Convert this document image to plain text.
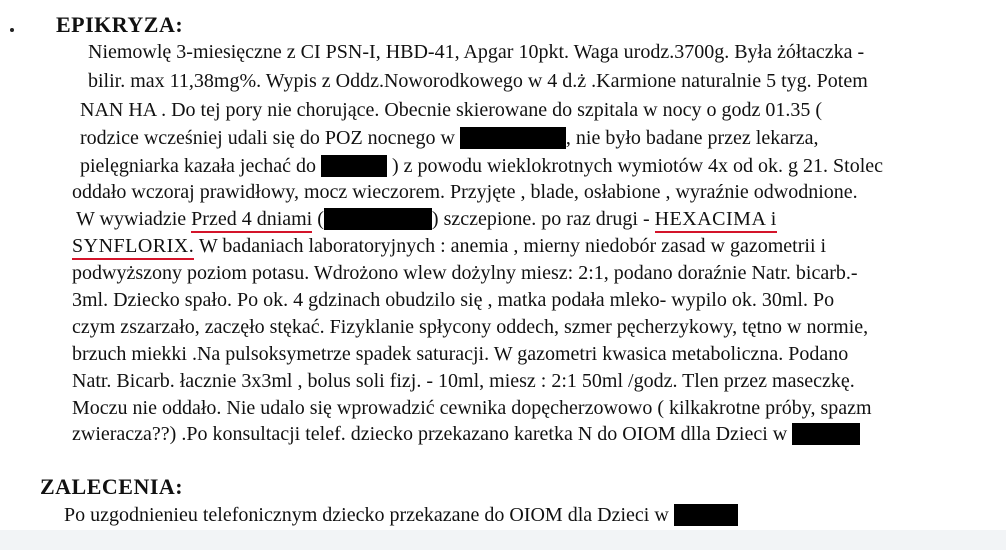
EPIKRYZA:
Niemowlę 3-miesięczne z CI PSN-I, HBD-41, Apgar 10pkt. Waga urodz.3700g. Była żółtaczka -
bilir. max 11,38mg%. Wypis z Oddz.Noworodkowego w 4 d.ż .Karmione naturalnie 5 tyg. Potem
NAN HA . Do tej pory nie chorujące. Obecnie skierowane do szpitala w nocy o godz 01.35 (
rodzice wcześniej udali się do POZ nocnego w	, nie było badane przez lekarza,
pielęgniarka kazała jechać do	) z powodu wieklokrotnych wymiotów 4x od ok. g 21. Stolec
oddało wczoraj prawidłowy, mocz wieczorem. Przyjęte , blade, osłabione , wyraźnie odwodnione.
W wywiadzie Przed 4 dniami (	) szczepione. po raz drugi - HEXACIMA i
SYNFLORIX. W badaniach laboratoryjnych : anemia , mierny niedobór zasad w gazometrii i
podwyższony poziom potasu. Wdrożono wlew dożylny miesz: 2:1, podano doraźnie Natr. bicarb.-
3ml. Dziecko spało. Po ok. 4 gdzinach obudzilo się , matka podała mleko- wypilo ok. 30ml. Po
czym zszarzało, zaczęło stękać. Fizyklanie spłycony oddech, szmer pęcherzykowy, tętno w normie,
brzuch miekki .Na pulsoksymetrze spadek saturacji. W gazometri kwasica metaboliczna. Podano
Natr. Bicarb. łacznie 3x3ml , bolus soli fizj. - 10ml, miesz : 2:1 50ml /godz. Tlen przez maseczkę.
Moczu nie oddało. Nie udalo się wprowadzić cewnika dopęcherzowowo ( kilkakrotne próby, spazm
zwieracza??) .Po konsultacji telef. dziecko przekazano karetka N do OIOM dlla Dzieci w
ZALECENIA:
Po uzgodnienieu telefonicznym dziecko przekazane do OIOM dla Dzieci w
